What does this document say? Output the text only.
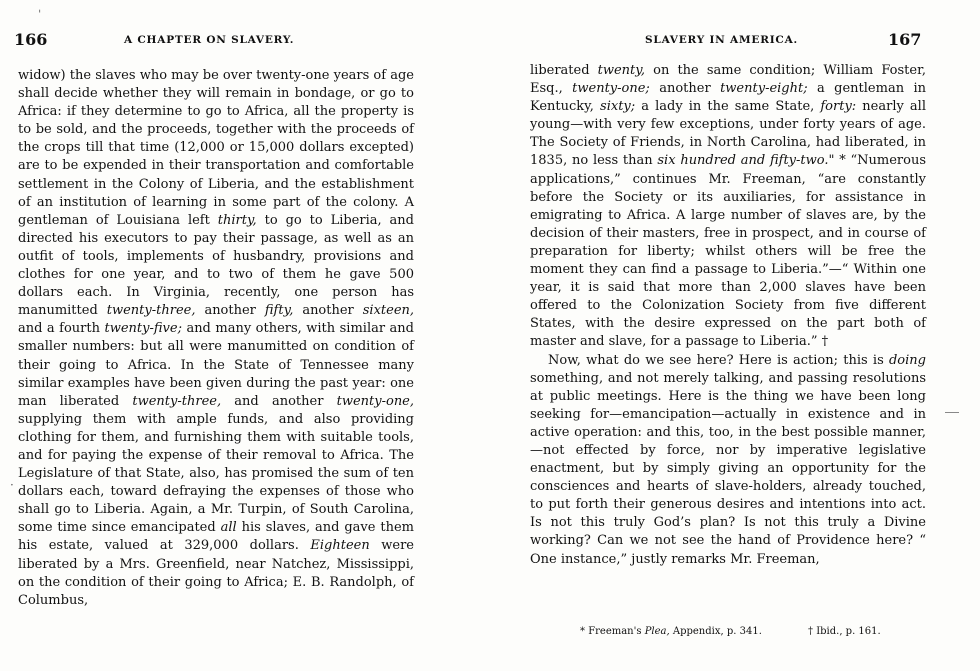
ˈ
·
166	A CHAPTER ON SLAVERY.

widow) the slaves who may be over twenty-one years of age shall decide whether they will remain in bondage, or go to Africa: if they determine to go to Africa, all the property is to be sold, and the proceeds, together with the proceeds of the crops till that time (12,000 or 15,000 dollars excepted) are to be expended in their transportation and comfortable settlement in the Colony of Liberia, and the establishment of an institution of learning in some part of the colony. A gentleman of Louisiana left thirty, to go to Liberia, and directed his executors to pay their passage, as well as an outfit of tools, implements of husbandry, provisions and clothes for one year, and to two of them he gave 500 dollars each. In Virginia, recently, one person has manumitted twenty-three, another fifty, another sixteen, and a fourth twenty-five; and many others, with similar and smaller numbers: but all were manumitted on condition of their going to Africa. In the State of Tennessee many similar examples have been given during the past year: one man liberated twenty-three, and another twenty-one, supplying them with ample funds, and also providing clothing for them, and furnishing them with suitable tools, and for paying the expense of their removal to Africa. The Legislature of that State, also, has promised the sum of ten dollars each, toward defraying the expenses of those who shall go to Liberia. Again, a Mr. Turpin, of South Carolina, some time since emancipated all his slaves, and gave them his estate, valued at 329,000 dollars. Eighteen were liberated by a Mrs. Greenfield, near Natchez, Mississippi, on the condition of their going to Africa; E. B. Randolph, of Columbus,

167
SLAVERY IN AMERICA.

liberated twenty, on the same condition; William Foster, Esq., twenty-one; another twenty-eight; a gentleman in Kentucky, sixty; a lady in the same State, forty: nearly all young—with very few exceptions, under forty years of age. The Society of Friends, in North Carolina, had liberated, in 1835, no less than six hundred and fifty-two." * “Numerous applications,” continues Mr. Freeman, “are constantly before the Society or its auxiliaries, for assistance in emigrating to Africa. A large number of slaves are, by the decision of their masters, free in prospect, and in course of preparation for liberty; whilst others will be free the moment they can find a passage to Liberia.”—“ Within one year, it is said that more than 2,000 slaves have been offered to the Colonization Society from five different States, with the desire expressed on the part both of master and slave, for a passage to Liberia.” †

Now, what do we see here? Here is action; this is doing something, and not merely talking, and passing resolutions at public meetings. Here is the thing we have been long seeking for—emancipation—actually in existence and in active operation: and this, too, in the best possible manner,—not effected by force, nor by imperative legislative enactment, but by simply giving an opportunity for the consciences and hearts of slave-holders, already touched, to put forth their generous desires and intentions into act. Is not this truly God’s plan? Is not this truly a Divine working? Can we not see the hand of Providence here? “ One instance,” justly remarks Mr. Freeman,

* Freeman's Plea, Appendix, p. 341.	† Ibid., p. 161.
